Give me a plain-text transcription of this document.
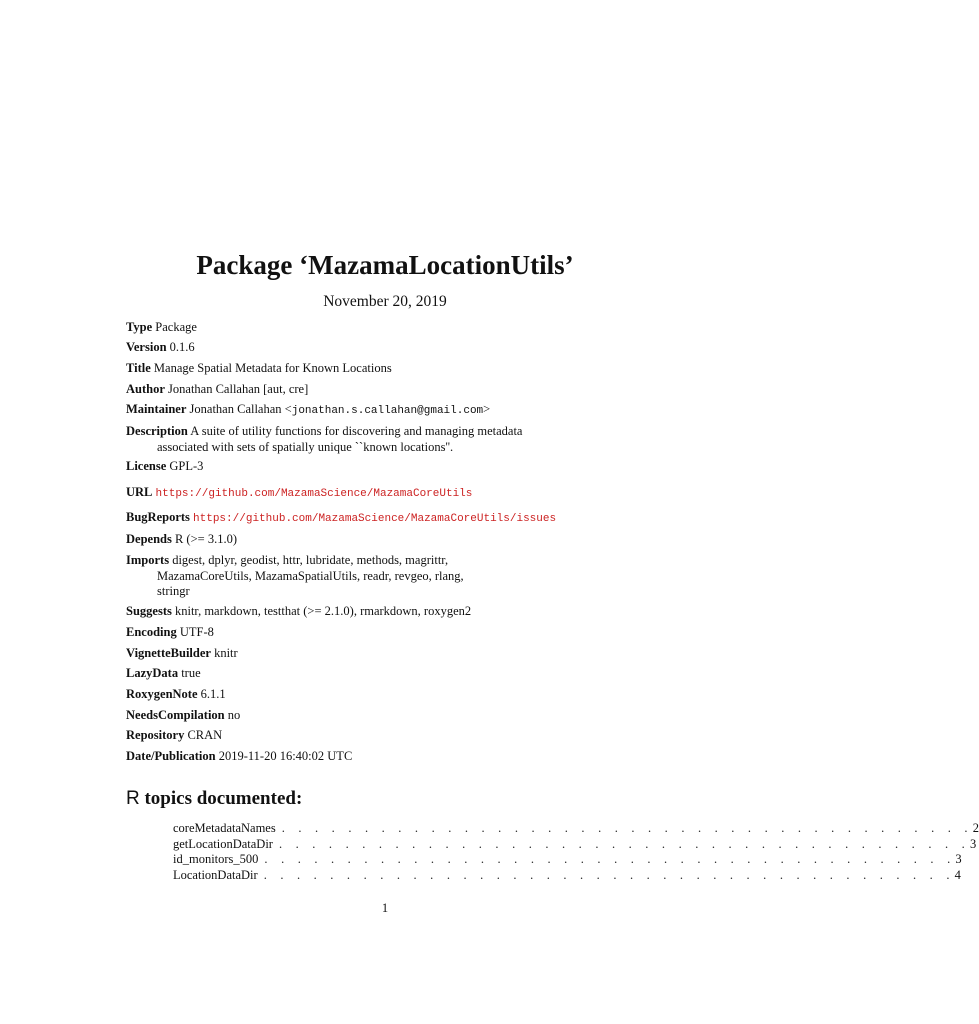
Package ‘MazamaLocationUtils’
November 20, 2019
Type Package
Version 0.1.6
Title Manage Spatial Metadata for Known Locations
Author Jonathan Callahan [aut, cre]
Maintainer Jonathan Callahan <jonathan.s.callahan@gmail.com>
Description A suite of utility functions for discovering and managing metadata
associated with sets of spatially unique ``known locations''.
License GPL-3
URL https://github.com/MazamaScience/MazamaCoreUtils
BugReports https://github.com/MazamaScience/MazamaCoreUtils/issues
Depends R (>= 3.1.0)
Imports digest, dplyr, geodist, httr, lubridate, methods, magrittr,
MazamaCoreUtils, MazamaSpatialUtils, readr, revgeo, rlang,
stringr
Suggests knitr, markdown, testthat (>= 2.1.0), rmarkdown, roxygen2
Encoding UTF-8
VignetteBuilder knitr
LazyData true
RoxygenNote 6.1.1
NeedsCompilation no
Repository CRAN
Date/Publication 2019-11-20 16:40:02 UTC
R topics documented:
coreMetadataNames . . . . . . . . . . . . . . . . . . . . . . . . . . . . . . . . . . . . . . . . . . 2
getLocationDataDir . . . . . . . . . . . . . . . . . . . . . . . . . . . . . . . . . . . . . . . . . . 3
id_monitors_500 . . . . . . . . . . . . . . . . . . . . . . . . . . . . . . . . . . . . . . . . . . 3
LocationDataDir . . . . . . . . . . . . . . . . . . . . . . . . . . . . . . . . . . . . . . . . . . 4
1
